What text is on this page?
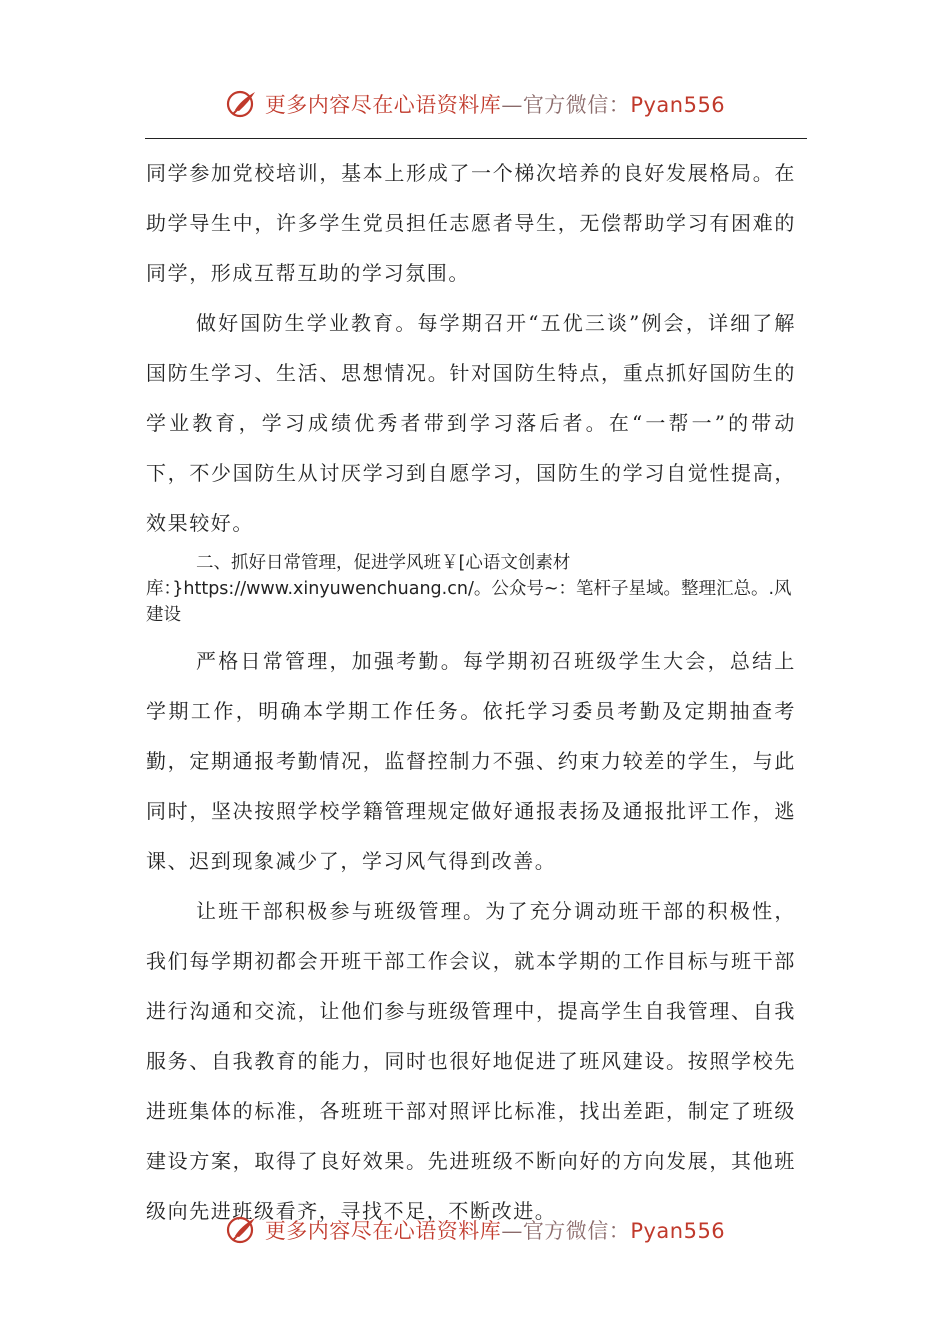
更多内容尽在心语资料库—官方微信：Pyan556

同学参加党校培训，基本上形成了一个梯次培养的良好发展格局。在助学导生中，许多学生党员担任志愿者导生，无偿帮助学习有困难的同学，形成互帮互助的学习氛围。

做好国防生学业教育。每学期召开“五优三谈”例会，详细了解国防生学习、生活、思想情况。针对国防生特点，重点抓好国防生的学业教育，学习成绩优秀者带到学习落后者。在“一帮一”的带动下，不少国防生从讨厌学习到自愿学习，国防生的学习自觉性提高，效果较好。

二、抓好日常管理，促进学风班￥[心语文创素材库：}https://www.xinyuwenchuang.cn/。公众号~：笔杆子星域。整理汇总。.风建设

严格日常管理，加强考勤。每学期初召班级学生大会，总结上学期工作，明确本学期工作任务。依托学习委员考勤及定期抽查考勤，定期通报考勤情况，监督控制力不强、约束力较差的学生，与此同时，坚决按照学校学籍管理规定做好通报表扬及通报批评工作，逃课、迟到现象减少了，学习风气得到改善。

让班干部积极参与班级管理。为了充分调动班干部的积极性，我们每学期初都会开班干部工作会议，就本学期的工作目标与班干部进行沟通和交流，让他们参与班级管理中，提高学生自我管理、自我服务、自我教育的能力，同时也很好地促进了班风建设。按照学校先进班集体的标准，各班班干部对照评比标准，找出差距，制定了班级建设方案，取得了良好效果。先进班级不断向好的方向发展，其他班级向先进班级看齐，寻找不足，不断改进。

更多内容尽在心语资料库—官方微信：Pyan556
